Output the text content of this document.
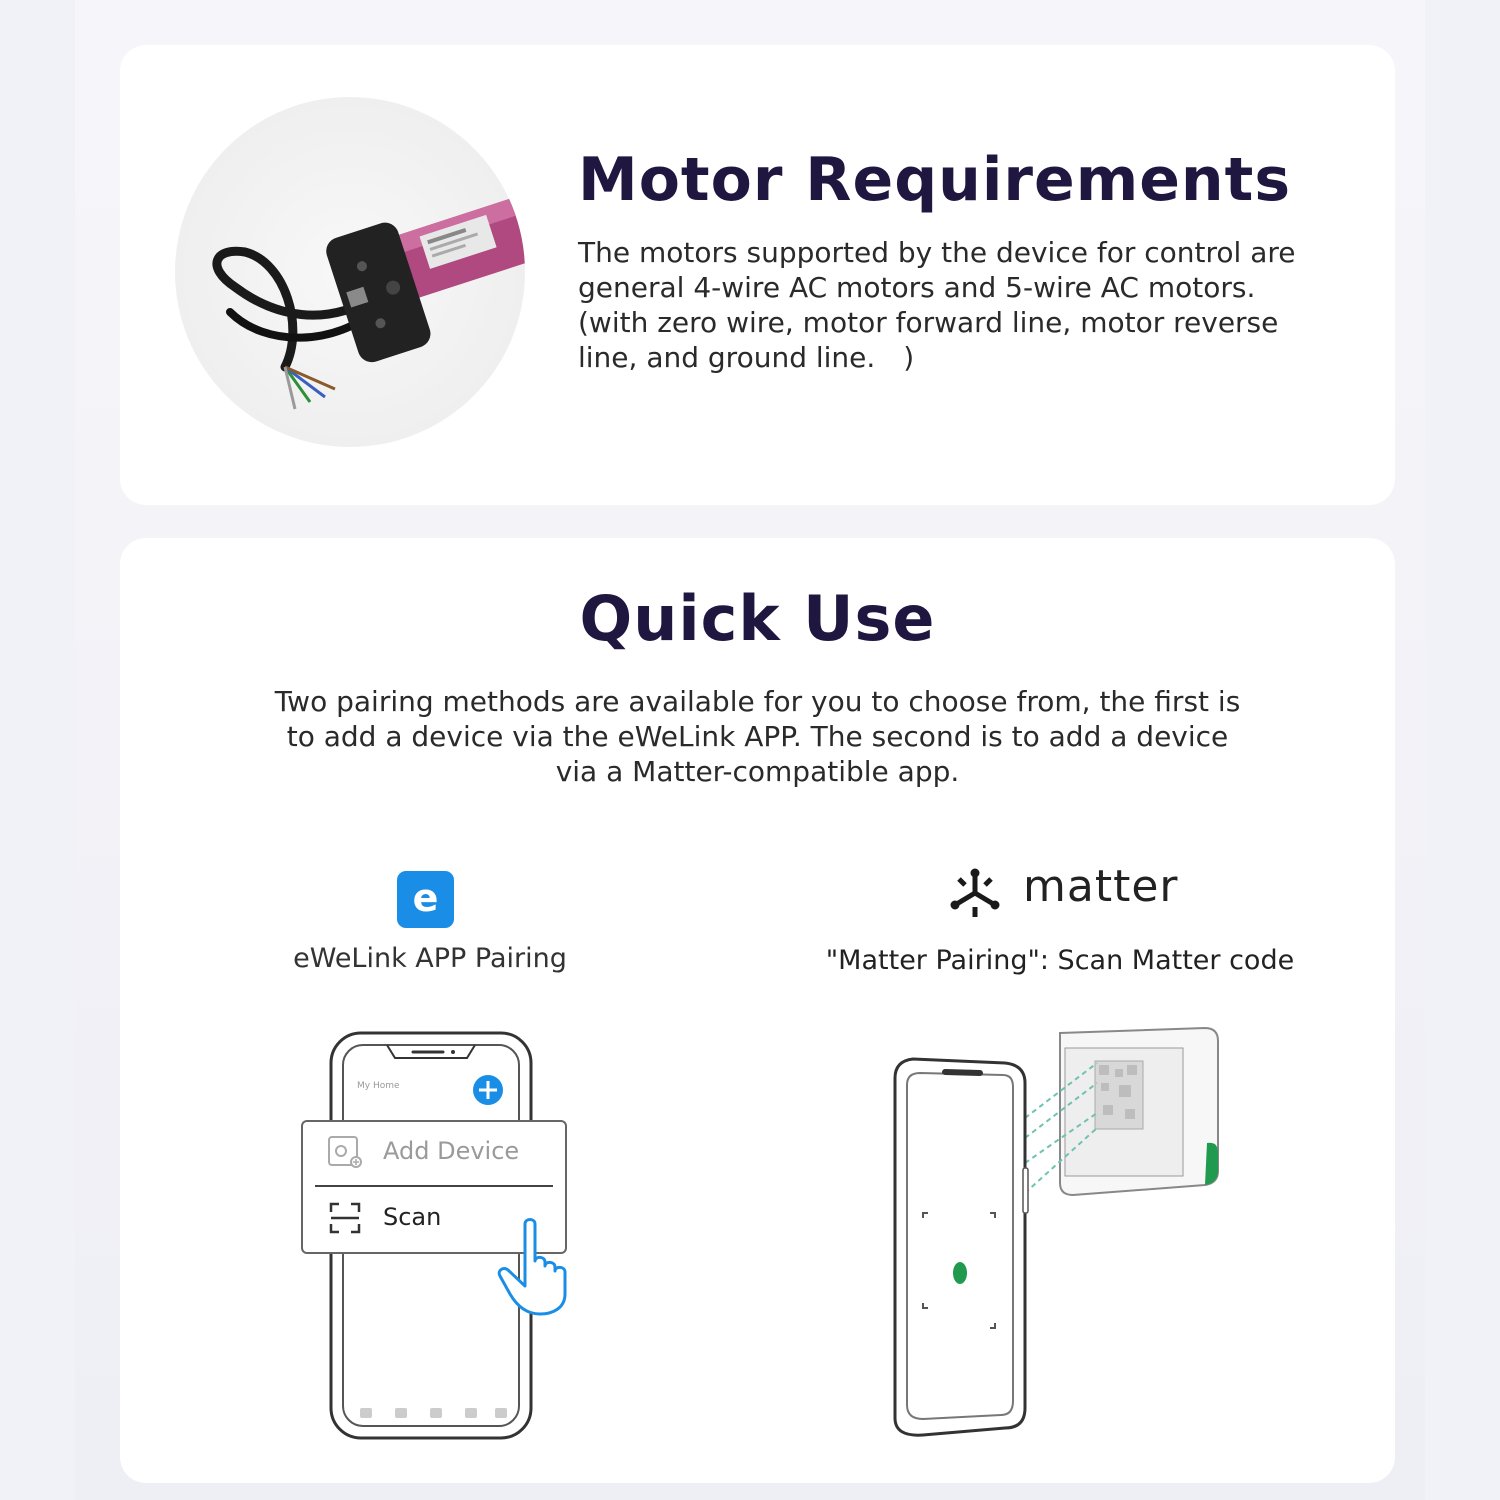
Motor Requirements

The motors supported by the device for control are
general 4-wire AC motors and 5-wire AC motors.
(with zero wire, motor forward line, motor reverse
line, and ground line.　)

Quick Use

Two pairing methods are available for you to choose from, the first is
to add a device via the eWeLink APP. The second is to add a device
via a Matter-compatible app.

e

eWeLink APP Pairing

My Home
Add Device
Scan
matter

"Matter Pairing": Scan Matter code
